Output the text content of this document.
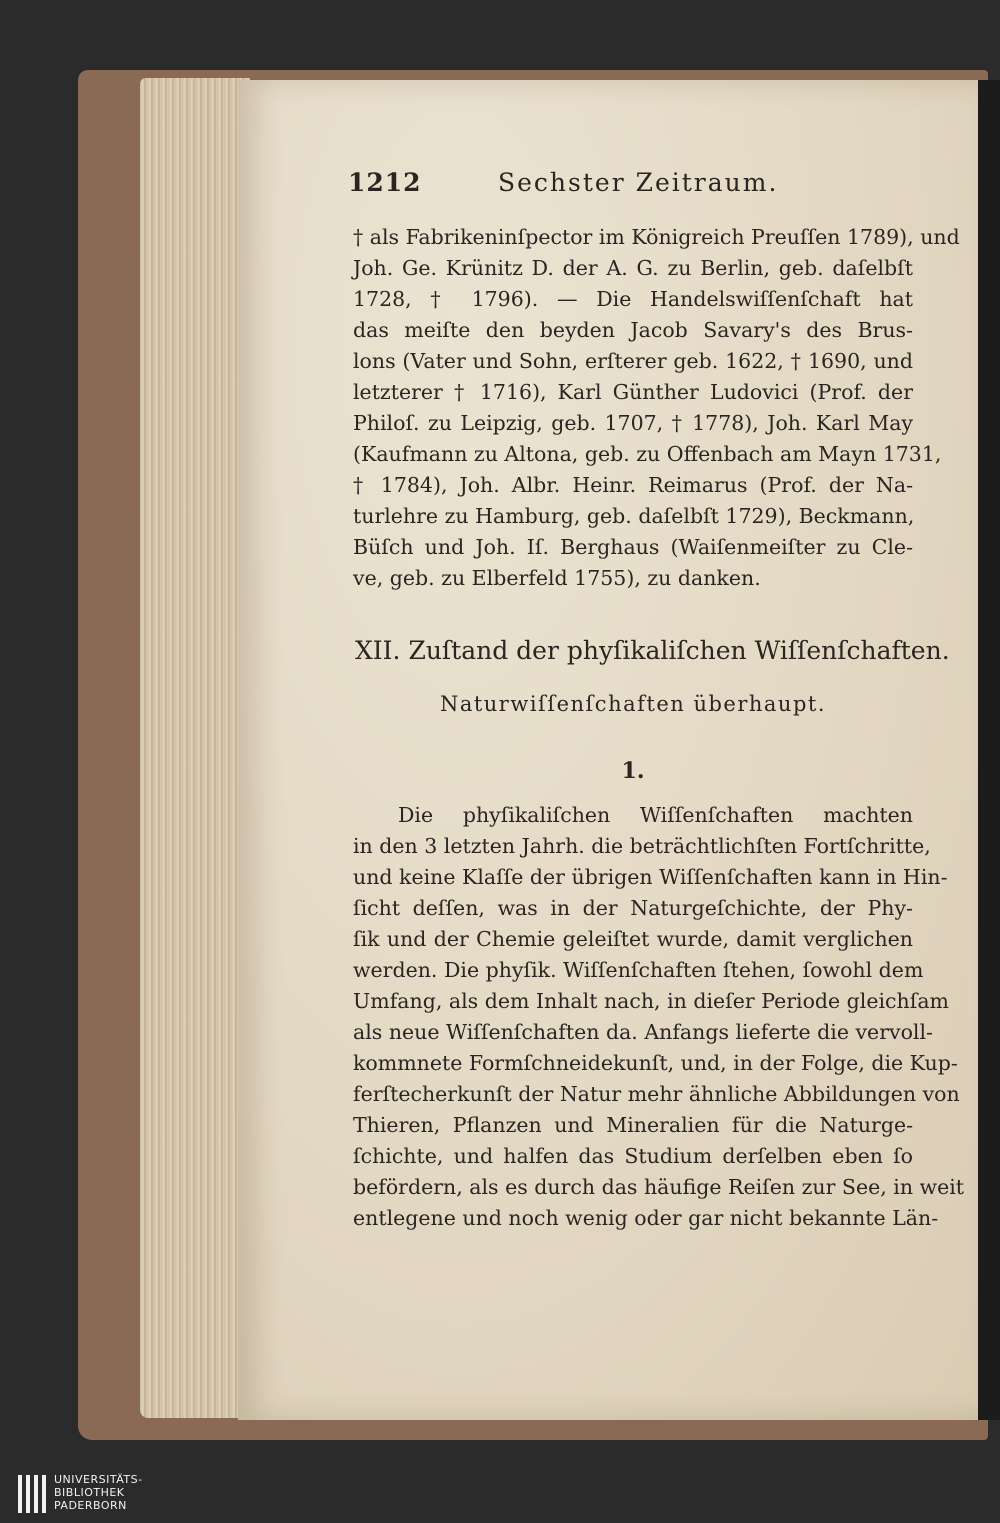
1212	Sechster Zeitraum.
† als Fabrikeninſpector im Königreich Preuſſen 1789), und
Joh. Ge. Krünitz D. der A. G. zu Berlin, geb. daſelbſt
1728, † 1796). — Die Handelswiſſenſchaft hat
das meiſte den beyden Jacob Savary's des Brus-
lons (Vater und Sohn, erſterer geb. 1622, † 1690, und
letzterer † 1716), Karl Günther Ludovici (Prof. der
Philoſ. zu Leipzig, geb. 1707, † 1778), Joh. Karl May
(Kaufmann zu Altona, geb. zu Offenbach am Mayn 1731,
† 1784), Joh. Albr. Heinr. Reimarus (Prof. der Na-
turlehre zu Hamburg, geb. daſelbſt 1729), Beckmann,
Büſch und Joh. Iſ. Berghaus (Waiſenmeiſter zu Cle-
ve, geb. zu Elberfeld 1755), zu danken.
XII. Zuſtand der phyſikaliſchen Wiſſenſchaften.
Naturwiſſenſchaften überhaupt.
1.
Die phyſikaliſchen Wiſſenſchaften machten
in den 3 letzten Jahrh. die beträchtlichſten Fortſchritte,
und keine Klaſſe der übrigen Wiſſenſchaften kann in Hin-
ſicht deſſen, was in der Naturgeſchichte, der Phy-
ſik und der Chemie geleiſtet wurde, damit verglichen
werden. Die phyſik. Wiſſenſchaften ſtehen, ſowohl dem
Umfang, als dem Inhalt nach, in dieſer Periode gleichſam
als neue Wiſſenſchaften da. Anfangs lieferte die vervoll-
kommnete Formſchneidekunſt, und, in der Folge, die Kup-
ferſtecherkunſt der Natur mehr ähnliche Abbildungen von
Thieren, Pflanzen und Mineralien für die Naturge-
ſchichte, und halfen das Studium derſelben eben ſo
befördern, als es durch das häufige Reiſen zur See, in weit
entlegene und noch wenig oder gar nicht bekannte Län-
UNIVERSITÄTS-
BIBLIOTHEK
PADERBORN
